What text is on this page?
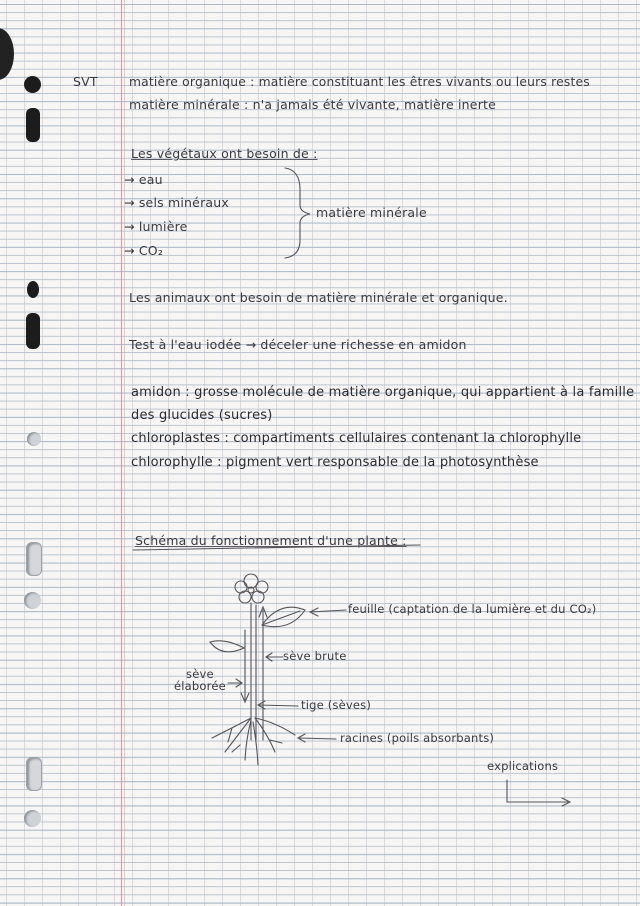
SVT	matière organique : matière constituant les êtres vivants ou leurs restes
matière minérale : n'a jamais été vivante, matière inerte
Les végétaux ont besoin de :
→ eau
→ sels minéraux
→ lumière
→ CO₂
matière minérale
Les animaux ont besoin de matière minérale et organique.
Test à l'eau iodée → déceler une richesse en amidon
amidon : grosse molécule de matière organique, qui appartient à la famille
des glucides (sucres)
chloroplastes : compartiments cellulaires contenant la chlorophylle
chlorophylle : pigment vert responsable de la photosynthèse
Schéma du fonctionnement d'une plante :
feuille (captation de la lumière et du CO₂)
sève brute
sève
élaborée
tige (sèves)
racines (poils absorbants)
explications
